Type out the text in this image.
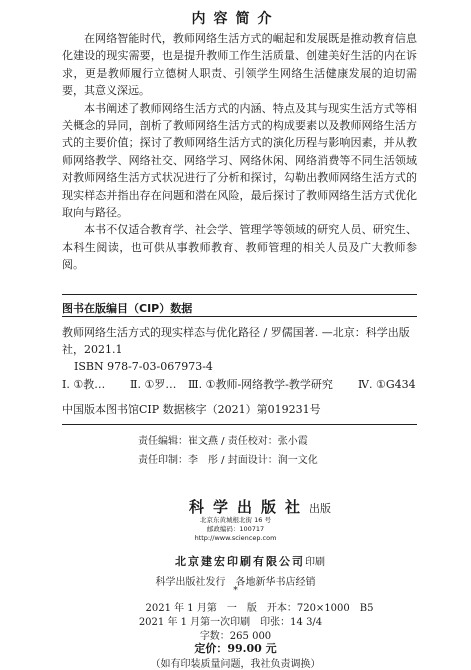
内容简介

在网络智能时代，教师网络生活方式的崛起和发展既是推动教育信息化建设的现实需要，也是提升教师工作生活质量、创建美好生活的内在诉求，更是教师履行立德树人职责、引领学生网络生活健康发展的迫切需要，其意义深远。

本书阐述了教师网络生活方式的内涵、特点及其与现实生活方式等相关概念的异同，剖析了教师网络生活方式的构成要素以及教师网络生活方式的主要价值；探讨了教师网络生活方式的演化历程与影响因素，并从教师网络教学、网络社交、网络学习、网络休闲、网络消费等不同生活领域对教师网络生活方式状况进行了分析和探讨，勾勒出教师网络生活方式的现实样态并指出存在问题和潜在风险，最后探讨了教师网络生活方式优化取向与路径。

本书不仅适合教育学、社会学、管理学等领域的研究人员、研究生、本科生阅读，也可供从事教师教育、教师管理的相关人员及广大教师参阅。

图书在版编目（CIP）数据

教师网络生活方式的现实样态与优化路径 / 罗儒国著. —北京：科学出版社，2021.1

ISBN 978-7-03-067973-4

Ⅰ. ①教…	Ⅱ. ①罗…	Ⅲ. ①教师-网络教学-教学研究	Ⅳ. ①G434
中国版本图书馆CIP 数据核字（2021）第019231号
责任编辑：崔文燕 / 责任校对：张小霞
责任印制：李　彤 / 封面设计：润一文化
科学出版社出版
北京东黄城根北街 16 号
邮政编码：100717
http://www.sciencep.com
北京建宏印刷有限公司印刷
科学出版社发行　各地新华书店经销
*
2021 年 1 月第　一　版　开本：720×1000　B5
2021 年 1 月第一次印刷　印张：14 3/4
字数：265 000
定价：99.00 元
（如有印装质量问题，我社负责调换）
